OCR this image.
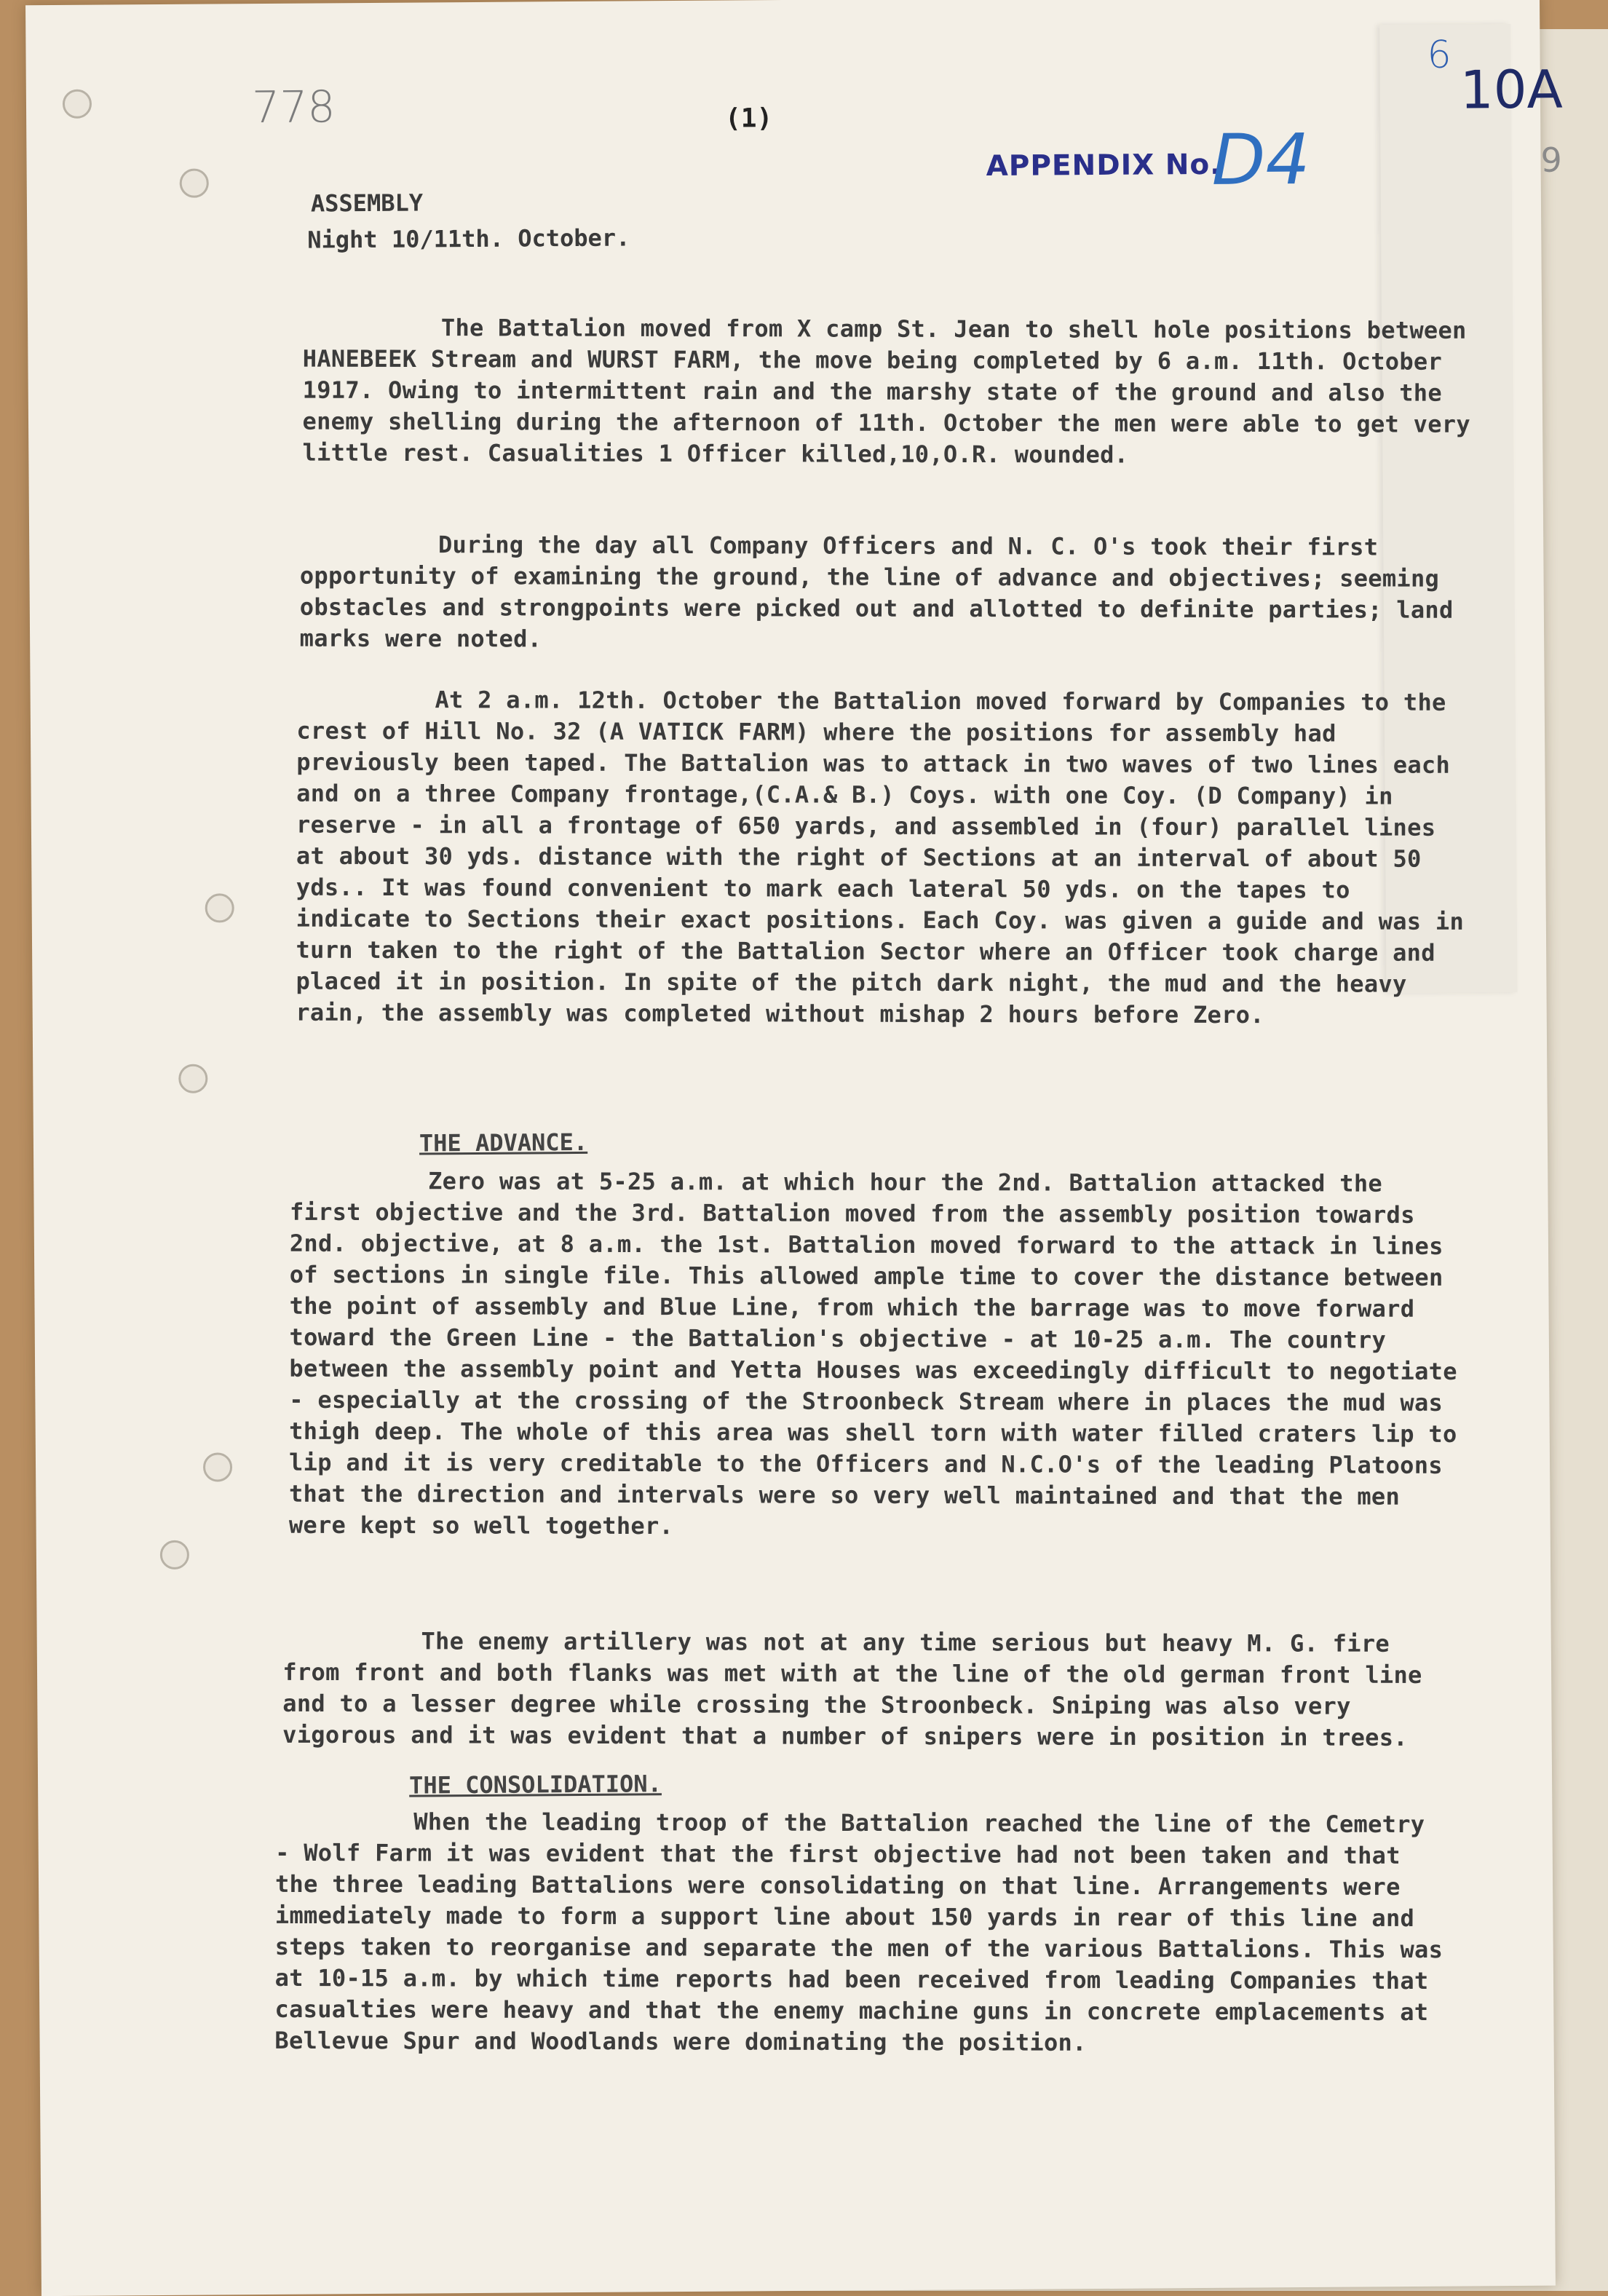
778	(1)
APPENDIX No.
D4
6
10A
9
ASSEMBLY
Night 10/11th. October.
The Battalion moved from X camp St. Jean to shell hole positions between HANEBEEK Stream and WURST FARM, the move being completed by 6 a.m. 11th. October 1917. Owing to intermittent rain and the marshy state of the ground and also the enemy shelling during the afternoon of 11th. October the men were able to get very little rest. Casualities 1 Officer killed,10,O.R. wounded.
During the day all Company Officers and N. C. O's took their first opportunity of examining the ground, the line of advance and objectives; seeming obstacles and strongpoints were picked out and allotted to definite parties; land marks were noted.
At 2 a.m. 12th. October the Battalion moved forward by Companies to the crest of Hill No. 32 (A VATICK FARM) where the positions for assembly had previously been taped. The Battalion was to attack in two waves of two lines each and on a three Company frontage,(C.A.& B.) Coys. with one Coy. (D Company) in reserve - in all a frontage of 650 yards, and assembled in (four) parallel lines at about 30 yds. distance with the right of Sections at an interval of about 50 yds.. It was found convenient to mark each lateral 50 yds. on the tapes to indicate to Sections their exact positions. Each Coy. was given a guide and was in turn taken to the right of the Battalion Sector where an Officer took charge and placed it in position. In spite of the pitch dark night, the mud and the heavy rain, the assembly was completed without mishap 2 hours before Zero.
THE ADVANCE.
Zero was at 5-25 a.m. at which hour the 2nd. Battalion attacked the first objective and the 3rd. Battalion moved from the assembly position towards 2nd. objective, at 8 a.m. the 1st. Battalion moved forward to the attack in lines of sections in single file. This allowed ample time to cover the distance between the point of assembly and Blue Line, from which the barrage was to move forward toward the Green Line - the Battalion's objective - at 10-25 a.m. The country between the assembly point and Yetta Houses was exceedingly difficult to negotiate - especially at the crossing of the Stroonbeck Stream where in places the mud was thigh deep. The whole of this area was shell torn with water filled craters lip to lip and it is very creditable to the Officers and N.C.O's of the leading Platoons that the direction and intervals were so very well maintained and that the men were kept so well together.
The enemy artillery was not at any time serious but heavy M. G. fire from front and both flanks was met with at the line of the old german front line and to a lesser degree while crossing the Stroonbeck. Sniping was also very vigorous and it was evident that a number of snipers were in position in trees.
THE CONSOLIDATION.
When the leading troop of the Battalion reached the line of the Cemetry - Wolf Farm it was evident that the first objective had not been taken and that the three leading Battalions were consolidating on that line. Arrangements were immediately made to form a support line about 150 yards in rear of this line and steps taken to reorganise and separate the men of the various Battalions. This was at 10-15 a.m. by which time reports had been received from leading Companies that casualties were heavy and that the enemy machine guns in concrete emplacements at Bellevue Spur and Woodlands were dominating the position.
